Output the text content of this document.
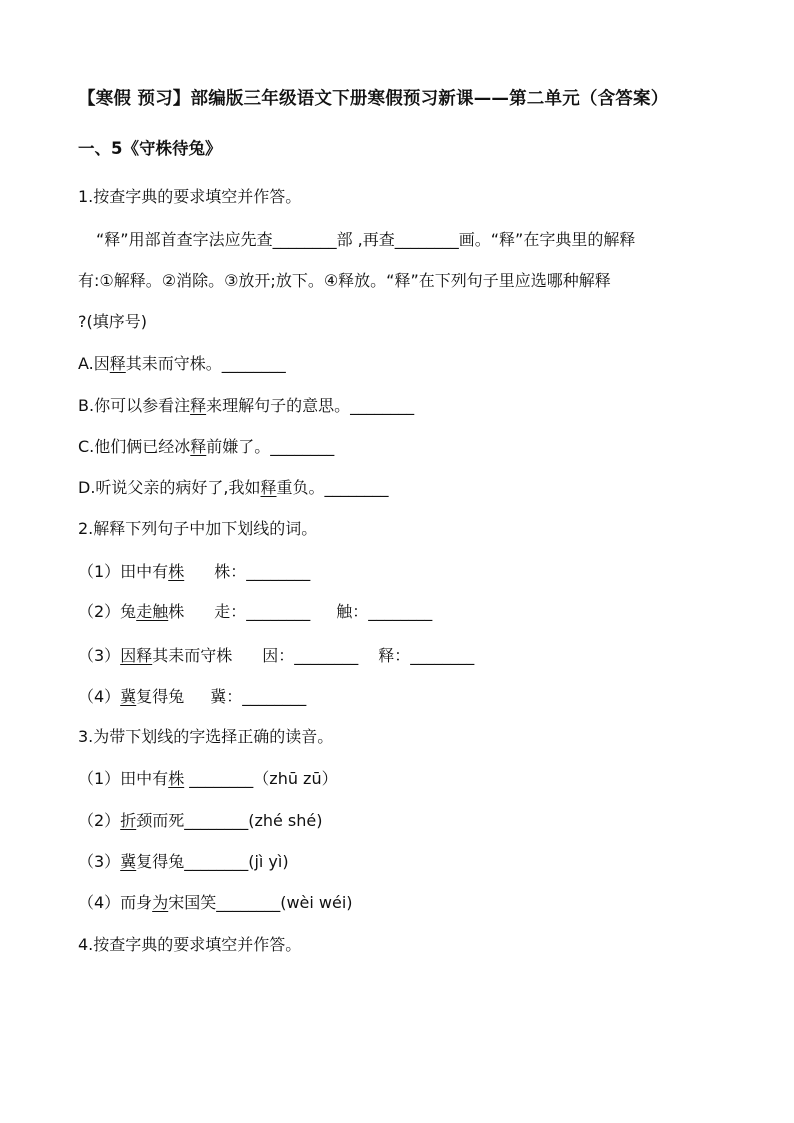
【寒假 预习】部编版三年级语文下册寒假预习新课——第二单元（含答案）
一、5《守株待兔》
1.按查字典的要求填空并作答。
“释”用部首查字法应先查________部 ,再查________画。“释”在字典里的解释
有:①解释。②消除。③放开;放下。④释放。“释”在下列句子里应选哪种解释
?(填序号)
A.因释其耒而守株。________
B.你可以参看注释来理解句子的意思。________
C.他们俩已经冰释前嫌了。________
D.听说父亲的病好了,我如释重负。________
2.解释下列句子中加下划线的词。
（1）田中有株 株：________
（2）兔走触株 走：________ 触：________
（3）因释其耒而守株 因：________ 释：________
（4）冀复得兔 冀：________
3.为带下划线的字选择正确的读音。
（1）田中有株 ________（zhū zū）
（2）折颈而死________(zhé shé)
（3）冀复得兔________(jì yì)
（4）而身为宋国笑________(wèi wéi)
4.按查字典的要求填空并作答。
